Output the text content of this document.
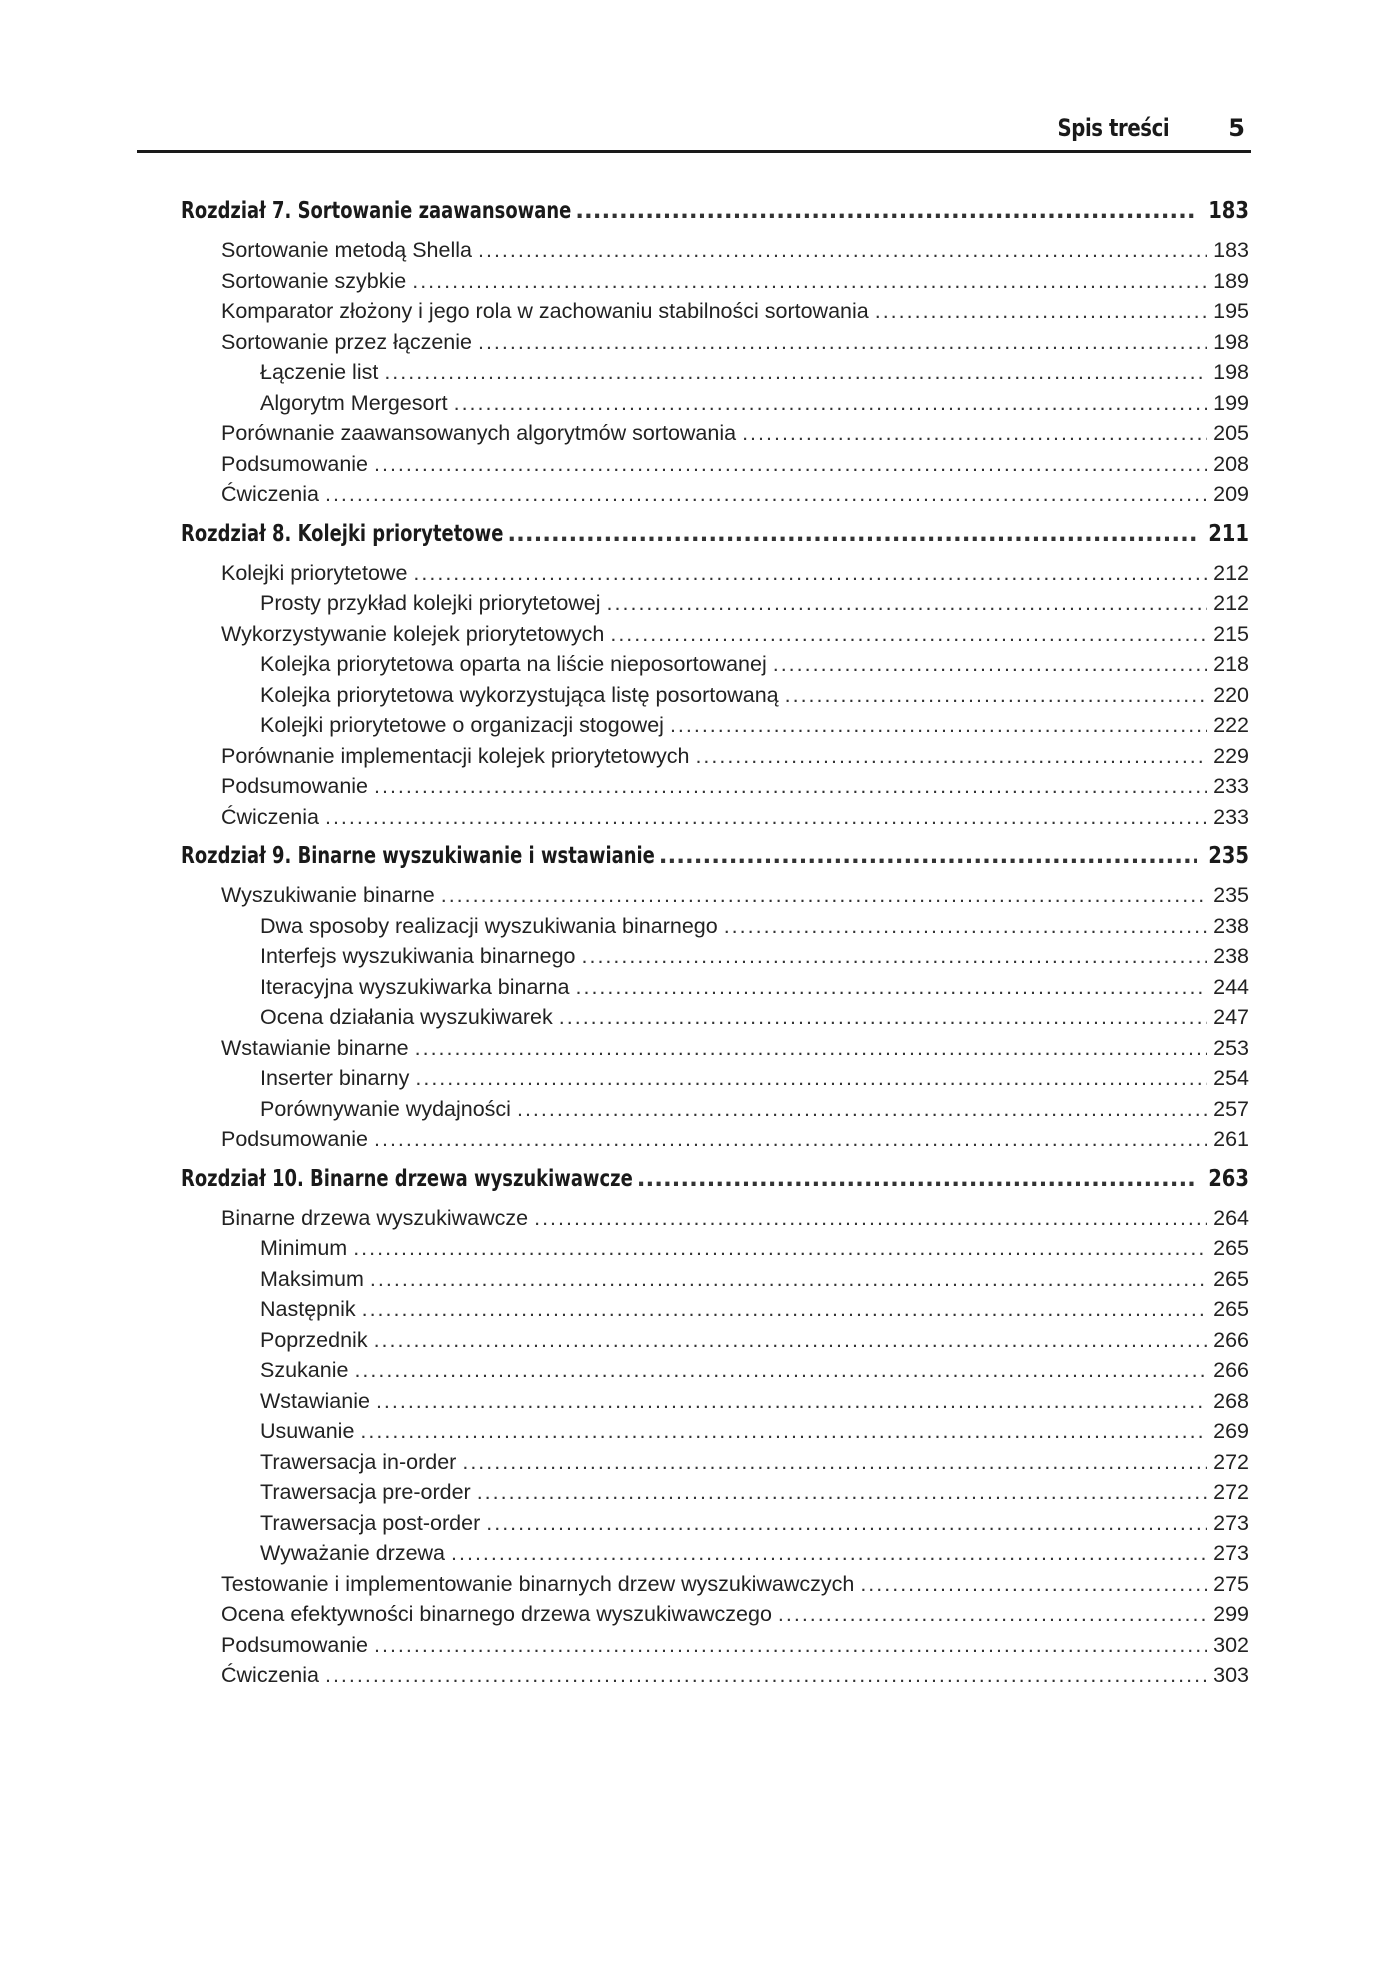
Spis treści 5
Rozdział 7. Sortowanie zaawansowane .....	183
Sortowanie metodą Shella .....	183
Sortowanie szybkie .....	189
Komparator złożony i jego rola w zachowaniu stabilności sortowania .....	195
Sortowanie przez łączenie .....	198
Łączenie list .....	198
Algorytm Mergesort .....	199
Porównanie zaawansowanych algorytmów sortowania .....	205
Podsumowanie .....	208
Ćwiczenia .....	209
Rozdział 8. Kolejki priorytetowe .....	211
Kolejki priorytetowe .....	212
Prosty przykład kolejki priorytetowej .....	212
Wykorzystywanie kolejek priorytetowych .....	215
Kolejka priorytetowa oparta na liście nieposortowanej .....	218
Kolejka priorytetowa wykorzystująca listę posortowaną .....	220
Kolejki priorytetowe o organizacji stogowej .....	222
Porównanie implementacji kolejek priorytetowych .....	229
Podsumowanie .....	233
Ćwiczenia .....	233
Rozdział 9. Binarne wyszukiwanie i wstawianie .....	235
Wyszukiwanie binarne .....	235
Dwa sposoby realizacji wyszukiwania binarnego .....	238
Interfejs wyszukiwania binarnego .....	238
Iteracyjna wyszukiwarka binarna .....	244
Ocena działania wyszukiwarek .....	247
Wstawianie binarne .....	253
Inserter binarny .....	254
Porównywanie wydajności .....	257
Podsumowanie .....	261
Rozdział 10. Binarne drzewa wyszukiwawcze .....	263
Binarne drzewa wyszukiwawcze .....	264
Minimum .....	265
Maksimum .....	265
Następnik .....	265
Poprzednik .....	266
Szukanie .....	266
Wstawianie .....	268
Usuwanie .....	269
Trawersacja in-order .....	272
Trawersacja pre-order .....	272
Trawersacja post-order .....	273
Wyważanie drzewa .....	273
Testowanie i implementowanie binarnych drzew wyszukiwawczych .....	275
Ocena efektywności binarnego drzewa wyszukiwawczego .....	299
Podsumowanie .....	302
Ćwiczenia .....	303
